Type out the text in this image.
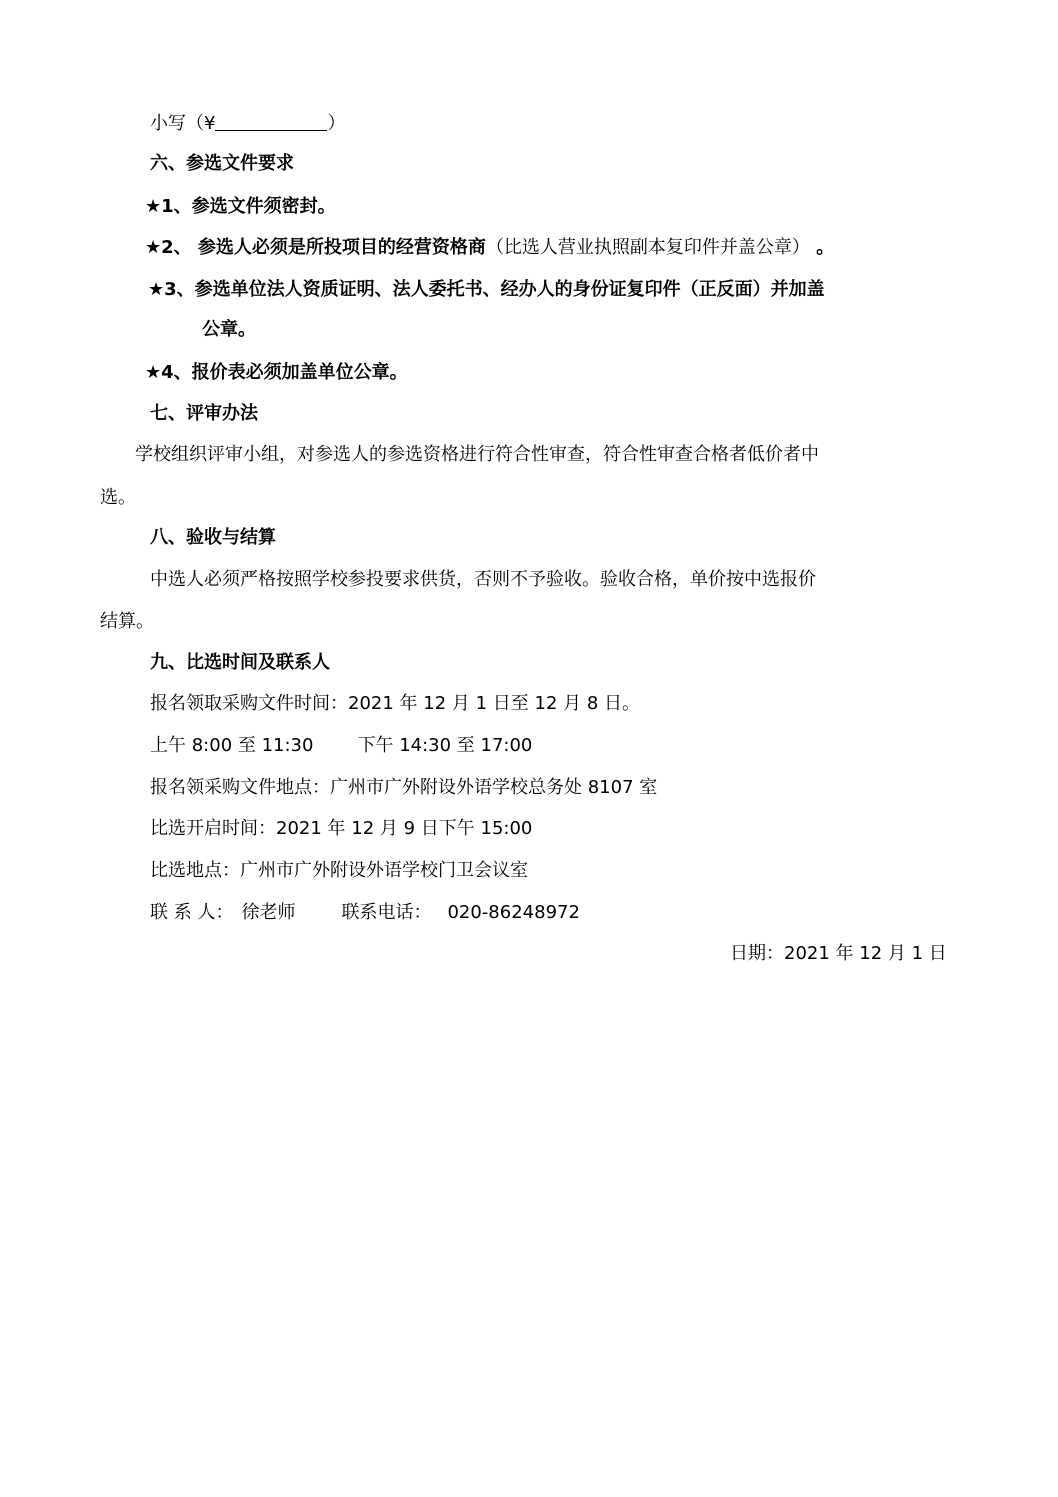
小写（¥	）
六、参选文件要求
★1、参选文件须密封。
★2、 参选人必须是所投项目的经营资格商（比选人营业执照副本复印件并盖公章） 。
★3、参选单位法人资质证明、法人委托书、经办人的身份证复印件（正反面）并加盖
公章。
★4、报价表必须加盖单位公章。
七、评审办法
学校组织评审小组，对参选人的参选资格进行符合性审查，符合性审查合格者低价者中
选。
八、验收与结算
中选人必须严格按照学校参投要求供货，否则不予验收。验收合格，单价按中选报价
结算。
九、比选时间及联系人
报名领取采购文件时间：2021 年 12 月 1 日至 12 月 8 日。
上午 8:00 至 11:30 下午 14:30 至 17:00
报名领采购文件地点：广州市广外附设外语学校总务处 8107 室
比选开启时间：2021 年 12 月 9 日下午 15:00
比选地点：广州市广外附设外语学校门卫会议室
联 系 人： 徐老师	联系电话： 020-86248972
日期：2021 年 12 月 1 日
